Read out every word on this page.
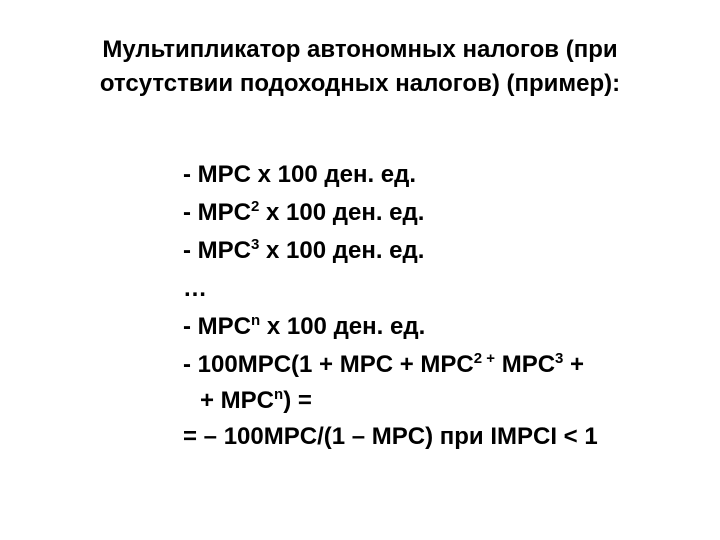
Мультипликатор автономных налогов (при
отсутствии подоходных налогов) (пример):
- MPC x 100 ден. ед.
- MPC$^2$ x 100 ден. ед.
- MPC$^3$ x 100 ден. ед.
…
- MPC$^n$ x 100 ден. ед.
- 100MPC(1 + MPC + $MPC^{2 +}$ $MPC^3$ +
+ $MPC^n$) =
= – 100MPC/(1 – MPC) при IMPCI < 1
